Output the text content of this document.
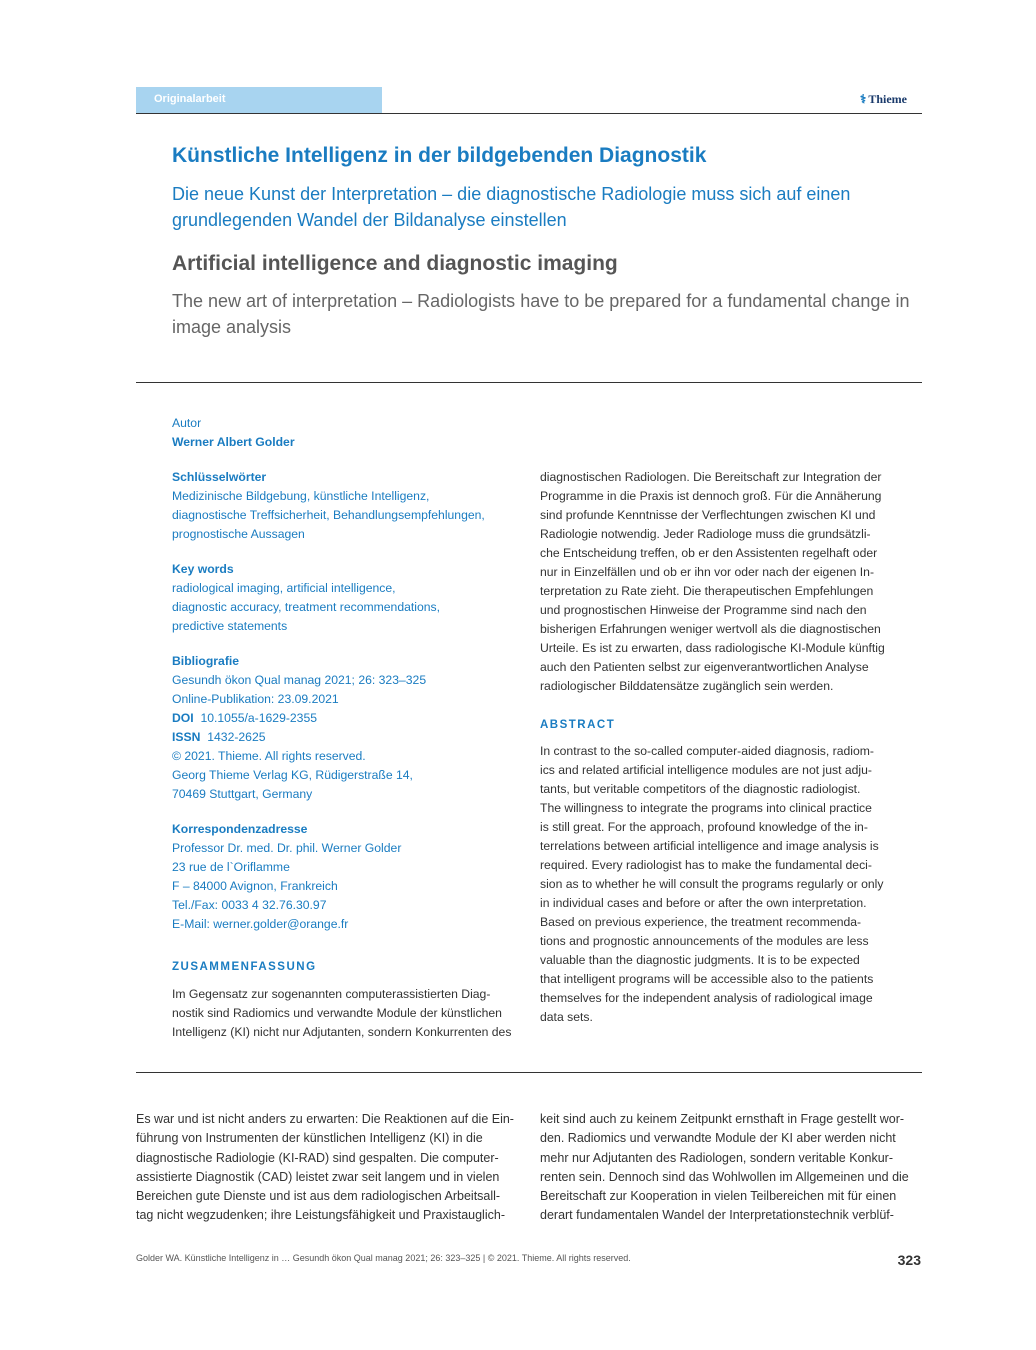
Originalarbeit	⚕ Thieme
Künstliche Intelligenz in der bildgebenden Diagnostik
Die neue Kunst der Interpretation – die diagnostische Radiologie muss sich auf einen grundlegenden Wandel der Bildanalyse einstellen
Artificial intelligence and diagnostic imaging
The new art of interpretation – Radiologists have to be prepared for a fundamental change in image analysis
Autor
Werner Albert Golder
Schlüsselwörter
Medizinische Bildgebung, künstliche Intelligenz,
diagnostische Treffsicherheit, Behandlungsempfehlungen,
prognostische Aussagen
Key words
radiological imaging, artificial intelligence,
diagnostic accuracy, treatment recommendations,
predictive statements
Bibliografie
Gesundh ökon Qual manag 2021; 26: 323–325
Online-Publikation: 23.09.2021
DOI 10.1055/a-1629-2355
ISSN 1432-2625
© 2021. Thieme. All rights reserved.
Georg Thieme Verlag KG, Rüdigerstraße 14,
70469 Stuttgart, Germany
Korrespondenzadresse
Professor Dr. med. Dr. phil. Werner Golder
23 rue de l`Oriflamme
F – 84000 Avignon, Frankreich
Tel./Fax: 0033 4 32.76.30.97
E-Mail: werner.golder@orange.fr
ZUSAMMENFASSUNG
Im Gegensatz zur sogenannten computerassistierten Diag-
nostik sind Radiomics und verwandte Module der künstlichen
Intelligenz (KI) nicht nur Adjutanten, sondern Konkurrenten des
diagnostischen Radiologen. Die Bereitschaft zur Integration der
Programme in die Praxis ist dennoch groß. Für die Annäherung
sind profunde Kenntnisse der Verflechtungen zwischen KI und
Radiologie notwendig. Jeder Radiologe muss die grundsätzli-
che Entscheidung treffen, ob er den Assistenten regelhaft oder
nur in Einzelfällen und ob er ihn vor oder nach der eigenen In-
terpretation zu Rate zieht. Die therapeutischen Empfehlungen
und prognostischen Hinweise der Programme sind nach den
bisherigen Erfahrungen weniger wertvoll als die diagnostischen
Urteile. Es ist zu erwarten, dass radiologische KI-Module künftig
auch den Patienten selbst zur eigenverantwortlichen Analyse
radiologischer Bilddatensätze zugänglich sein werden.
ABSTRACT
In contrast to the so-called computer-aided diagnosis, radiom-
ics and related artificial intelligence modules are not just adju-
tants, but veritable competitors of the diagnostic radiologist.
The willingness to integrate the programs into clinical practice
is still great. For the approach, profound knowledge of the in-
terrelations between artificial intelligence and image analysis is
required. Every radiologist has to make the fundamental deci-
sion as to whether he will consult the programs regularly or only
in individual cases and before or after the own interpretation.
Based on previous experience, the treatment recommenda-
tions and prognostic announcements of the modules are less
valuable than the diagnostic judgments. It is to be expected
that intelligent programs will be accessible also to the patients
themselves for the independent analysis of radiological image
data sets.
Es war und ist nicht anders zu erwarten: Die Reaktionen auf die Ein-
führung von Instrumenten der künstlichen Intelligenz (KI) in die
diagnostische Radiologie (KI-RAD) sind gespalten. Die computer-
assistierte Diagnostik (CAD) leistet zwar seit langem und in vielen
Bereichen gute Dienste und ist aus dem radiologischen Arbeitsall-
tag nicht wegzudenken; ihre Leistungsfähigkeit und Praxistauglich-
keit sind auch zu keinem Zeitpunkt ernsthaft in Frage gestellt wor-
den. Radiomics und verwandte Module der KI aber werden nicht
mehr nur Adjutanten des Radiologen, sondern veritable Konkur-
renten sein. Dennoch sind das Wohlwollen im Allgemeinen und die
Bereitschaft zur Kooperation in vielen Teilbereichen mit für einen
derart fundamentalen Wandel der Interpretationstechnik verblüf-
Golder WA. Künstliche Intelligenz in … Gesundh ökon Qual manag 2021; 26: 323–325 | © 2021. Thieme. All rights reserved.	323
